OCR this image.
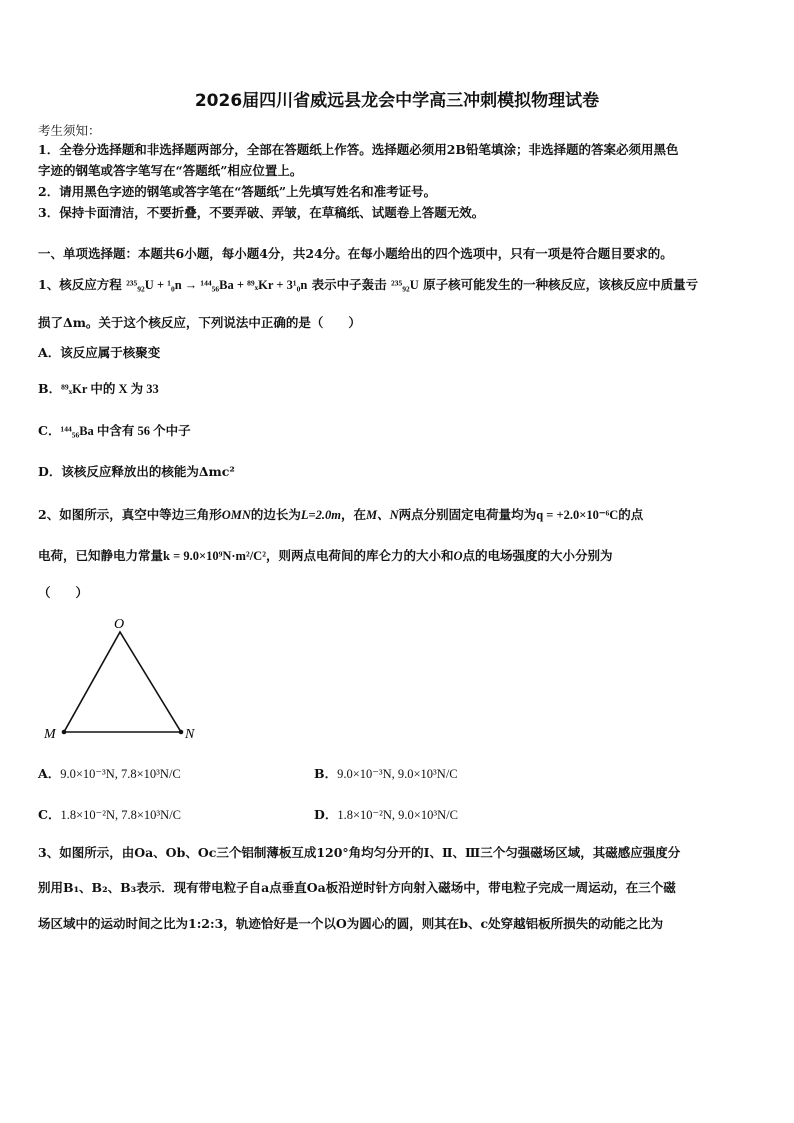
2026届四川省威远县龙会中学高三冲刺模拟物理试卷
考生须知：
1．全卷分选择题和非选择题两部分，全部在答题纸上作答。选择题必须用2B铅笔填涂；非选择题的答案必须用黑色
字迹的钢笔或答字笔写在“答题纸”相应位置上。
2．请用黑色字迹的钢笔或答字笔在“答题纸”上先填写姓名和准考证号。
3．保持卡面清洁，不要折叠，不要弄破、弄皱，在草稿纸、试题卷上答题无效。
一、单项选择题：本题共6小题，每小题4分，共24分。在每小题给出的四个选项中，只有一项是符合题目要求的。
1、核反应方程 ²³⁵₉₂U + ¹₀n → ¹⁴⁴₅₆Ba + ⁸⁹ₓKr + 3¹₀n 表示中子轰击 ²³⁵₉₂U 原子核可能发生的一种核反应，该核反应中质量亏
损了Δm。关于这个核反应，下列说法中正确的是（　　）
A．该反应属于核聚变
B．⁸⁹ₓKr 中的 X 为 33
C．¹⁴⁴₅₆Ba 中含有 56 个中子
D．该核反应释放出的核能为Δmc²
2、如图所示，真空中等边三角形OMN的边长为L=2.0m，在M、N两点分别固定电荷量均为q = +2.0×10⁻⁶C的点
电荷，已知静电力常量k = 9.0×10⁹N·m²/C²，则两点电荷间的库仑力的大小和O点的电场强度的大小分别为
（　　）
O
M	N
A．9.0×10⁻³N, 7.8×10³N/C	B．9.0×10⁻³N, 9.0×10³N/C
C．1.8×10⁻²N, 7.8×10³N/C	D．1.8×10⁻²N, 9.0×10³N/C
3、如图所示，由Oa、Ob、Oc三个铝制薄板互成120°角均匀分开的Ⅰ、Ⅱ、Ⅲ三个匀强磁场区域，其磁感应强度分
别用B₁、B₂、B₃表示．现有带电粒子自a点垂直Oa板沿逆时针方向射入磁场中，带电粒子完成一周运动，在三个磁
场区域中的运动时间之比为1:2:3，轨迹恰好是一个以O为圆心的圆，则其在b、c处穿越铝板所损失的动能之比为
